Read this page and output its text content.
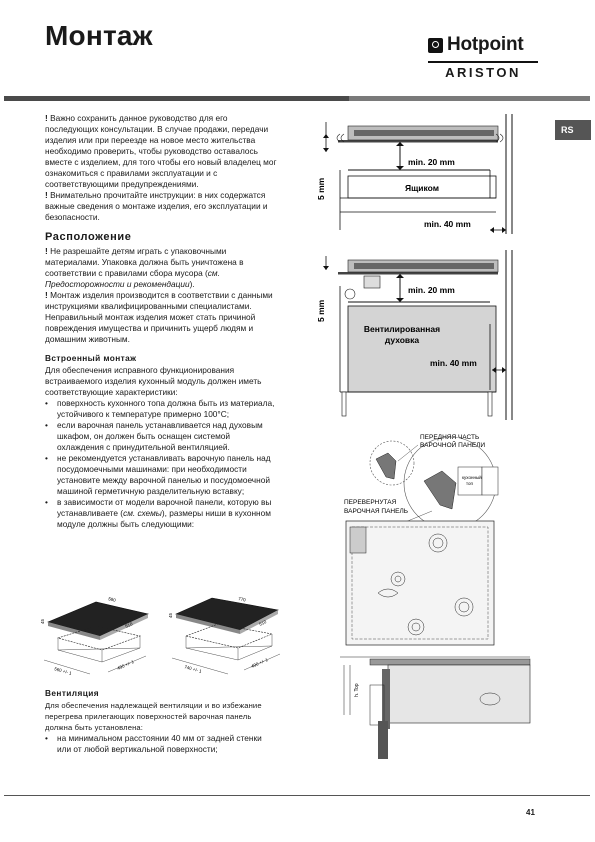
Монтаж	Hotpoint
ARISTON
RS

! Важно сохранить данное руководство для его последующих консультации. В случае продажи, передачи изделия или при переезде на новое место жительства необходимо проверить, чтобы руководство оставалось вместе с изделием, для того чтобы его новый владелец мог ознакомиться с правилами эксплуатации и с соответствующими предупреждениями.

! Внимательно прочитайте инструкции: в них содержатся важные сведения о монтаже изделия, его эксплуатации и безопасности.

Расположение

! Не разрешайте детям играть с упаковочными материалами. Упаковка должна быть уничтожена в соответствии с правилами сбора мусора (см. Предосторожности и рекомендации).

! Монтаж изделия производится в соответствии с данными инструкциями квалифицированными специалистами. Неправильный монтаж изделия может стать причиной повреждения имущества и причинить ущерб людям и домашним животным.

Встроенный монтаж

Для обеспечения исправного функционирования встраиваемого изделия кухонный модуль должен иметь соответствующие характеристики:

• поверхность кухонного топа должна быть из материала, устойчивого к температуре примерно 100°C;
• если варочная панель устанавливается над духовым шкафом, он должен быть оснащен системой охлаждения с принудительной вентиляцией.
• не рекомендуется устанавливать варочную панель над посудомоечными машинами: при необходимости установите между варочной панелью и посудомоечной машиной герметичную разделительную вставку;
• в зависимости от модели варочной панели, которую вы устанавливаете (см. схемы), размеры ниши в кухонном модуле должны быть следующими:
580
510
45
560 +/- 1
490 +/- 1
770
510
45
740 +/- 1
490 +/- 1
Вентиляция

Для обеспечения надлежащей вентиляции и во избежание

перегрева прилегающих поверхностей варочная панель должна быть установлена:

• на минимальном расстоянии 40 мм от задней стенки или от любой вертикальной поверхности;
min. 20 mm
5 mm	Ящиком
min. 40 mm
min. 20 mm
5 mm
Вентилированная
духовка
min. 40 mm
ПЕРЕДНЯЯ ЧАСТЬ
ВАРОЧНОЙ ПАНЕЛИ
кухонный
топ
ПЕРЕВЕРНУТАЯ
ВАРОЧНАЯ ПАНЕЛЬ
h. Top
41
